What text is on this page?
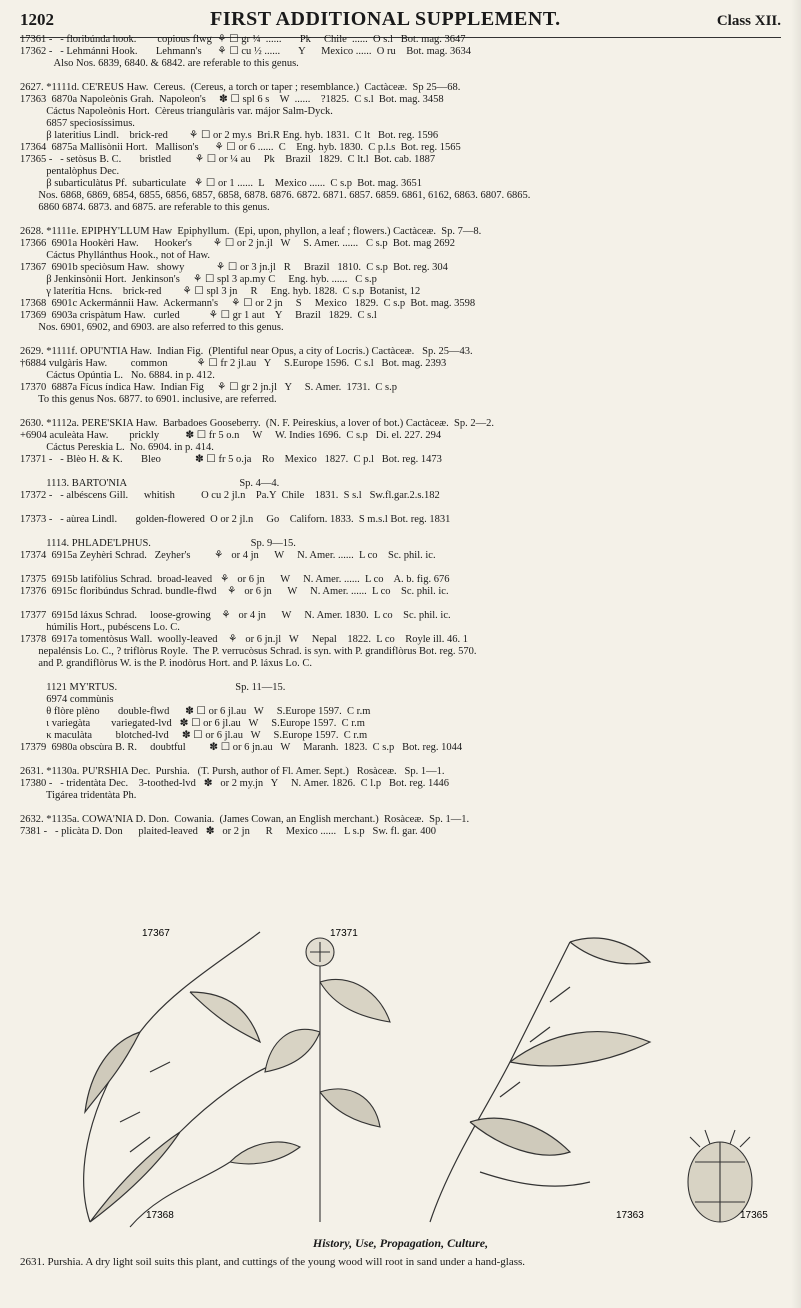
1202	FIRST ADDITIONAL SUPPLEMENT.	Class XII.
17361 -   - floribúnda hook.        copious flwg  ⚘ ☐ gr ¼  ......       Pk     Chile  ......  O s.l   Bot. mag. 3647
17362 -   - Lehmánni Hook.       Lehmann's      ⚘ ☐ cu ½ ......       Y      Mexico ......  O ru    Bot. mag. 3634
Also Nos. 6839, 6840. & 6842. are referable to this genus.
2627. *1111d. CE'REUS Haw.  Cereus.  (Cereus, a torch or taper ; resemblance.)  Cactàceæ.  Sp 25—68.
17363  6870a Napoleònis Grah.  Napoleon's     ✽ ☐ spl 6 s    W  ......    ?1825.  C s.l  Bot. mag. 3458
Cáctus Napoleònis Hort.  Cèreus triangulàris var. májor Salm-Dyck.
6857 speciosíssimus.
β lateritius Lindl.    brick-red        ⚘ ☐ or 2 my.s  Bri.R Eng. hyb. 1831.  C lt   Bot. reg. 1596
17364  6875a Mallisònii Hort.   Mallison's      ⚘ ☐ or 6 ......  C    Eng. hyb. 1830.  C p.l.s  Bot. reg. 1565
17365 -   - setòsus B. C.       bristled         ⚘ ☐ or ¼ au     Pk    Brazil   1829.  C lt.l  Bot. cab. 1887
pentalòphus Dec.
β subarticulàtus Pf.  subarticulate   ⚘ ☐ or 1 ......  L    Mexico ......  C s.p  Bot. mag. 3651
Nos. 6868, 6869, 6854, 6855, 6856, 6857, 6858, 6878. 6876. 6872. 6871. 6857. 6859. 6861, 6162, 6863. 6807. 6865.
6860 6874. 6873. and 6875. are referable to this genus.
2628. *1111e. EPIPHY'LLUM Haw  Epiphyllum.  (Epi, upon, phyllon, a leaf ; flowers.) Cactàceæ.  Sp. 7—8.
17366  6901a Hookèri Haw.      Hooker's        ⚘ ☐ or 2 jn.jl   W     S. Amer. ......   C s.p  Bot. mag 2692
Cáctus Phyllánthus Hook., not of Haw.
17367  6901b speciòsum Haw.   showy            ⚘ ☐ or 3 jn.jl   R     Brazil   1810.  C s.p  Bot. reg. 304
β Jenkinsònii Hort.  Jenkinson's     ⚘ ☐ spl 3 ap.my C     Eng. hyb. ......   C s.p
γ laterítia Hcns.    brick-red        ⚘ ☐ spl 3 jn     R     Eng. hyb. 1828.  C s.p  Botanist, 12
17368  6901c Ackermánnii Haw.  Ackermann's     ⚘ ☐ or 2 jn     S     Mexico   1829.  C s.p  Bot. mag. 3598
17369  6903a crispàtum Haw.   curled           ⚘ ☐ gr 1 aut    Y     Brazil   1829.  C s.l
Nos. 6901, 6902, and 6903. are also referred to this genus.
2629. *1111f. OPU'NTIA Haw.  Indian Fig.  (Plentiful near Opus, a city of Locris.) Cactàceæ.   Sp. 25—43.
†6884 vulgàris Haw.         common           ⚘ ☐ fr 2 jl.au   Y     S.Europe 1596.  C s.l   Bot. mag. 2393
Cáctus Opúntia L.   No. 6884. in p. 412.
17370  6887a Fícus índica Haw.  Indian Fig     ⚘ ☐ gr 2 jn.jl   Y     S. Amer.  1731.  C s.p
To this genus Nos. 6877. to 6901. inclusive, are referred.
2630. *1112a. PERE'SKIA Haw.  Barbadoes Gooseberry.  (N. F. Peireskius, a lover of bot.) Cactàceæ.  Sp. 2—2.
+6904 aculeàta Haw.        prickly          ✽ ☐ fr 5 o.n     W     W. Indies 1696.  C s.p   Di. el. 227. 294
Cáctus Pereskia L.  No. 6904. in p. 414.
17371 -   - Blèo H. & K.       Bleo             ✽ ☐ fr 5 o.ja    Ro    Mexico   1827.  C p.l   Bot. reg. 1473
1113. BARTO'NIA                                           Sp. 4—4.
17372 -   - albéscens Gill.      whitish          O cu 2 jl.n    Pa.Y  Chile    1831.  S s.l   Sw.fl.gar.2.s.182
17373 -   - aùrea Lindl.       golden-flowered  O or 2 jl.n     Go    Californ. 1833.  S m.s.l Bot. reg. 1831
1114. PHLADE'LPHUS.                                      Sp. 9—15.
17374  6915a Zeyhèri Schrad.   Zeyher's         ⚘   or 4 jn      W     N. Amer. ......  L co    Sc. phil. ic.
17375  6915b latifòlius Schrad.  broad-leaved   ⚘   or 6 jn      W     N. Amer. ......  L co    A. b. fig. 676
17376  6915c floribúndus Schrad. bundle-flwd    ⚘   or 6 jn      W     N. Amer. ......  L co    Sc. phil. ic.
17377  6915d láxus Schrad.     loose-growing    ⚘   or 4 jn      W     N. Amer. 1830.  L co    Sc. phil. ic.
húmilis Hort., pubéscens Lo. C.
17378  6917a tomentòsus Wall.  woolly-leaved    ⚘   or 6 jn.jl   W     Nepal    1822.  L co    Royle ill. 46. 1
nepalénsis Lo. C., ? triflòrus Royle.  The P. verrucòsus Schrad. is syn. with P. grandiflòrus Bot. reg. 570.
and P. grandiflòrus W. is the P. inodòrus Hort. and P. láxus Lo. C.
1121 MY'RTUS.                                             Sp. 11—15.
6974 commùnis
θ flòre plèno       double-flwd      ✽ ☐ or 6 jl.au   W     S.Europe 1597.  C r.m
ι variegàta        variegated-lvd   ✽ ☐ or 6 jl.au   W     S.Europe 1597.  C r.m
κ maculàta         blotched-lvd     ✽ ☐ or 6 jl.au   W     S.Europe 1597.  C r.m
17379  6980a obscùra B. R.     doubtful         ✽ ☐ or 6 jn.au   W     Maranh.  1823.  C s.p   Bot. reg. 1044
2631. *1130a. PU'RSHIA Dec.  Purshia.   (T. Pursh, author of Fl. Amer. Sept.)   Rosàceæ.   Sp. 1—1.
17380 -   - tridentàta Dec.    3-toothed-lvd   ✽   or 2 my.jn   Y     N. Amer. 1826.  C l.p   Bot. reg. 1446
Tigárea tridentàta Ph.
2632. *1135a. COWA'NIA D. Don.  Cowania.  (James Cowan, an English merchant.)  Rosàceæ.  Sp. 1—1.
7381 -   - plicàta D. Don      plaited-leaved   ✽   or 2 jn      R     Mexico ......   L s.p   Sw. fl. gar. 400
17368
17367	17371
17363	17365
History, Use, Propagation, Culture,
2631. Purshia. A dry light soil suits this plant, and cuttings of the young wood will root in sand under a hand-glass.
